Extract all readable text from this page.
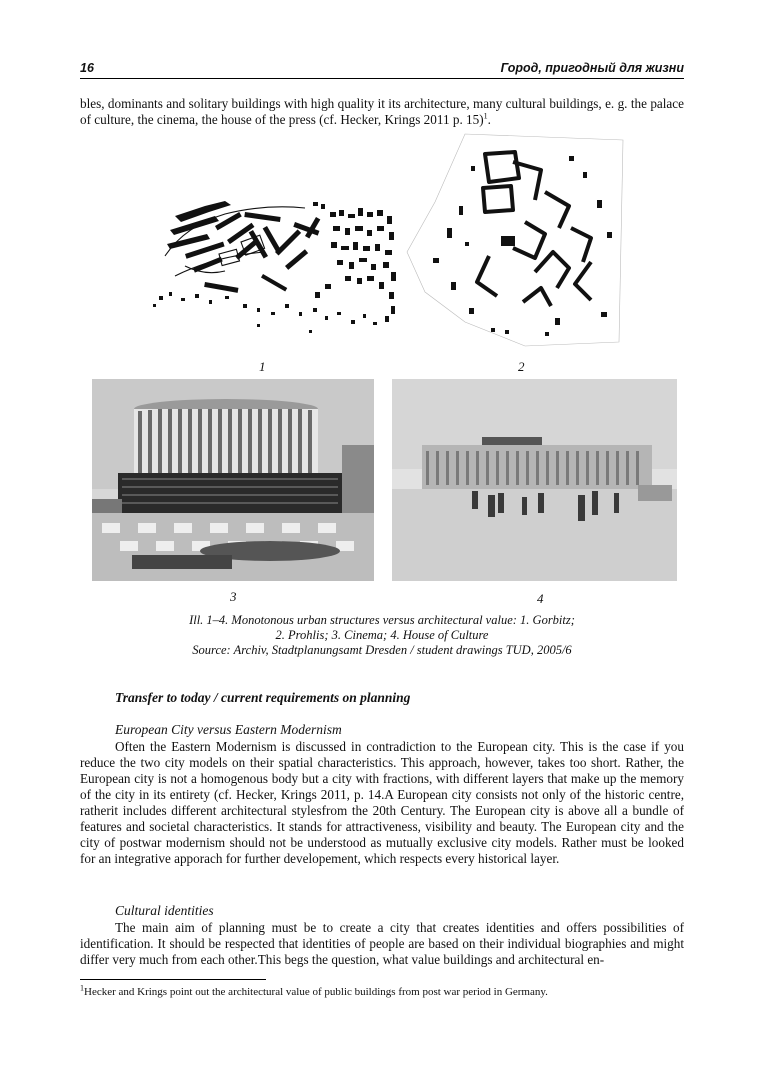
16	Город, пригодный для жизни
bles, dominants and solitary buildings with high quality it its architecture, many cultural buildings, e. g. the palace of culture, the cinema, the house of the press (cf. Hecker, Krings 2011 p. 15)$^1$.
1	2
3	4
Ill. 1–4. Monotonous urban structures versus architectural value: 1. Gorbitz;
2. Prohlis; 3. Cinema; 4. House of Culture
Source: Archiv, Stadtplanungsamt Dresden / student drawings TUD, 2005/6
Transfer to today / current requirements on planning
European City versus Eastern Modernism
Often the Eastern Modernism is discussed in contradiction to the European city. This is the case if you reduce the two city models on their spatial characteristics. This approach, however, takes too short. Rather, the European city is not a homogenous body but a city with fractions, with different layers that make up the memory of the city in its entirety (cf. Hecker, Krings 2011, p. 14.A European city consists not only of the historic centre, ratherit includes different architectural stylesfrom the 20th Century. The European city is above all a bundle of features and societal characteristics. It stands for attractiveness, visibility and beauty. The European city and the city of postwar modernism should not be understood as mutually exclusive city models. Rather must be looked for an integrative apporach for further developement, which respects every historical layer.
Cultural identities
The main aim of planning must be to create a city that creates identities and offers possibilities of identification. It should be respected that identities of people are based on their individual biographies and might differ very much from each other.This begs the question, what value buildings and architectural en-
$^1$Hecker and Krings point out the architectural value of public buildings from post war period in Germany.
